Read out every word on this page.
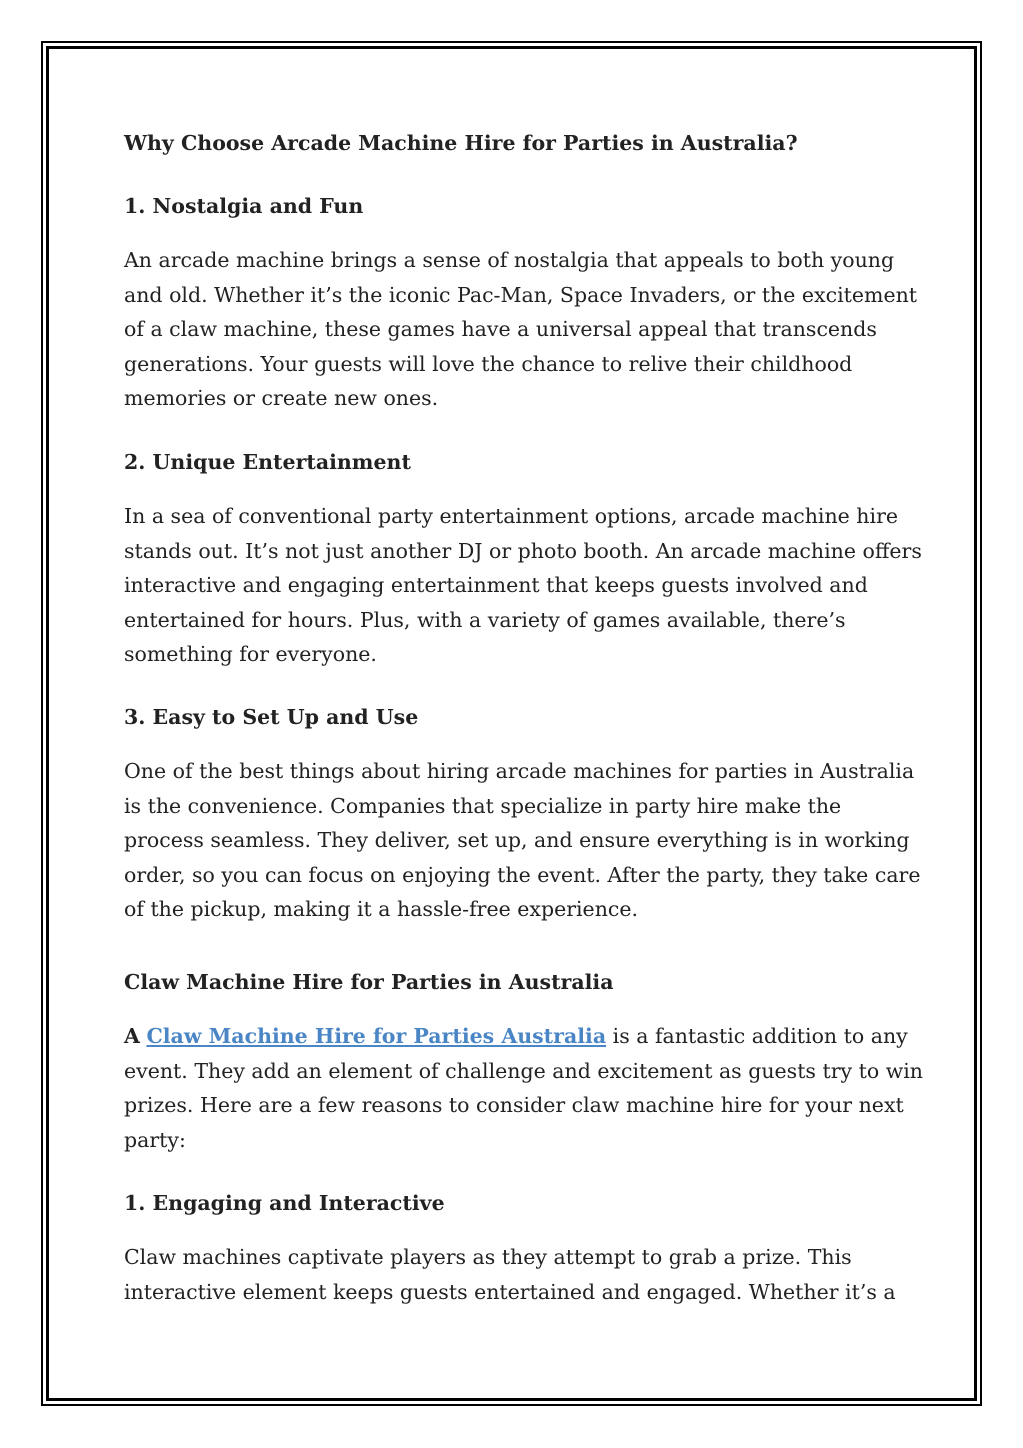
Why Choose Arcade Machine Hire for Parties in Australia?
1. Nostalgia and Fun
An arcade machine brings a sense of nostalgia that appeals to both young
and old. Whether it’s the iconic Pac-Man, Space Invaders, or the excitement
of a claw machine, these games have a universal appeal that transcends
generations. Your guests will love the chance to relive their childhood
memories or create new ones.
2. Unique Entertainment
In a sea of conventional party entertainment options, arcade machine hire
stands out. It’s not just another DJ or photo booth. An arcade machine offers
interactive and engaging entertainment that keeps guests involved and
entertained for hours. Plus, with a variety of games available, there’s
something for everyone.
3. Easy to Set Up and Use
One of the best things about hiring arcade machines for parties in Australia
is the convenience. Companies that specialize in party hire make the
process seamless. They deliver, set up, and ensure everything is in working
order, so you can focus on enjoying the event. After the party, they take care
of the pickup, making it a hassle-free experience.
Claw Machine Hire for Parties in Australia
A Claw Machine Hire for Parties Australia is a fantastic addition to any
event. They add an element of challenge and excitement as guests try to win
prizes. Here are a few reasons to consider claw machine hire for your next
party:
1. Engaging and Interactive
Claw machines captivate players as they attempt to grab a prize. This
interactive element keeps guests entertained and engaged. Whether it’s a
